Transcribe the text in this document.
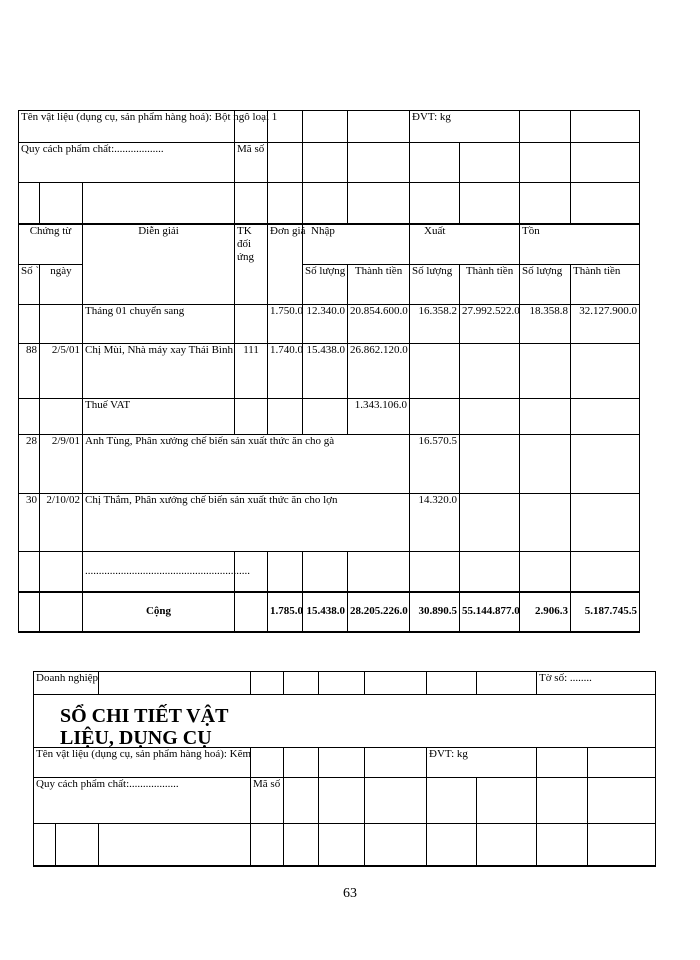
Tên vật liệu (dụng cụ, sản phẩm hàng hoá): Bột ngô loại 1							ĐVT: kg			
Quy cách phẩm chất:..................			Mã số							

Chứng từ		Diễn giải	TK đối ứng	Đơn giá	Nhập		Xuất		Tồn	
Số `	ngày				Số lượng	Thành tiền	Số lượng	Thành tiền	Số lượng	Thành tiền
		Tháng 01 chuyển sang		1.750.0	12.340.0	20.854.600.0	16.358.2	27.992.522.0	18.358.8	32.127.900.0
88	2/5/01	Chị Mùi, Nhà máy xay Thái Bình	111	1.740.0	15.438.0	26.862.120.0				
		Thuế VAT				1.343.106.0				
28	2/9/01	Anh Tùng, Phân xưởng chế biến sản xuất thức ăn cho gà					16.570.5			
30	2/10/02	Chị Thắm, Phân xưởng chế biến sản xuất thức ăn cho lợn					14.320.0			
		............................................................								
		Cộng		1.785.0	15.438.0	28.205.226.0	30.890.5	55.144.877.0	2.906.3	5.187.745.5
Doanh nghiệp									Tờ số: ........	

Tên vật liệu (dụng cụ, sản phẩm hàng hoá): Kẽm							ĐVT: kg			
Quy cách phẩm chất:..................			Mã số							

SỔ CHI TIẾT VẬT LIỆU, DỤNG CỤ
63
